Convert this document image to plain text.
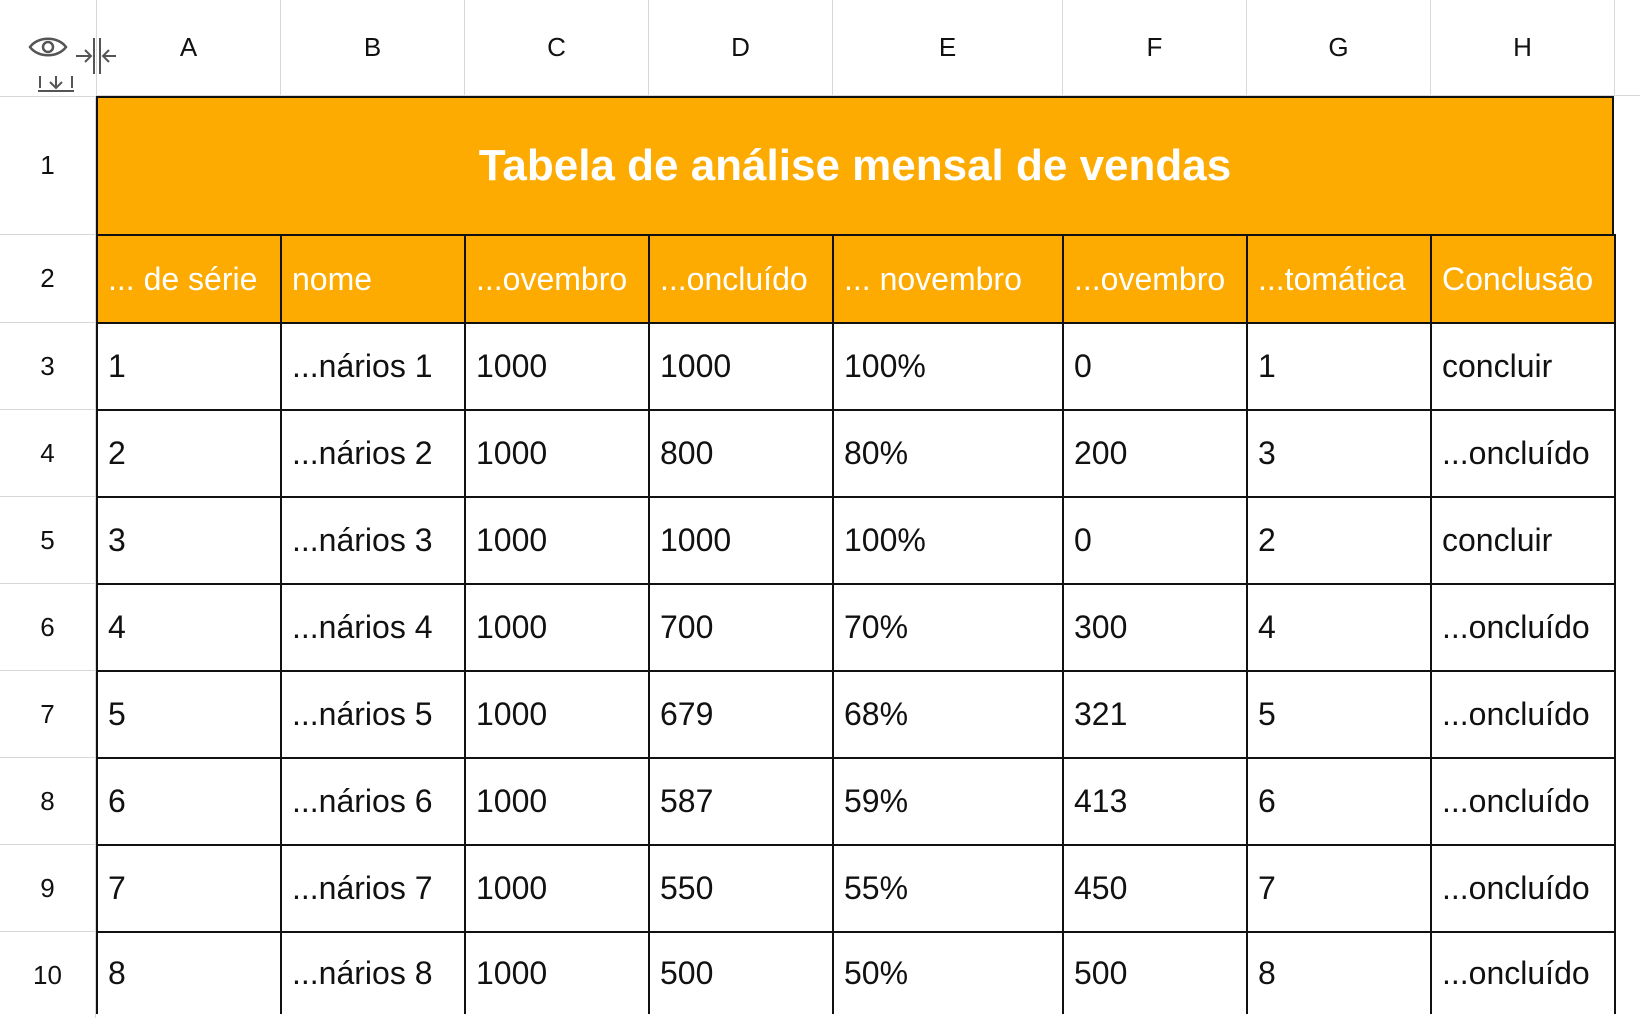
A	B	C	D	E	F	G	H
1
2
3
4
5
6
7
8
9
10
Tabela de análise mensal de vendas
... de série	nome	...ovembro	...oncluído	... novembro	...ovembro	...tomática	Conclusão
1	...nários 1	1000	1000	100%	0	1	concluir
2	...nários 2	1000	800	80%	200	3	...oncluído
3	...nários 3	1000	1000	100%	0	2	concluir
4	...nários 4	1000	700	70%	300	4	...oncluído
5	...nários 5	1000	679	68%	321	5	...oncluído
6	...nários 6	1000	587	59%	413	6	...oncluído
7	...nários 7	1000	550	55%	450	7	...oncluído
8	...nários 8	1000	500	50%	500	8	...oncluído
